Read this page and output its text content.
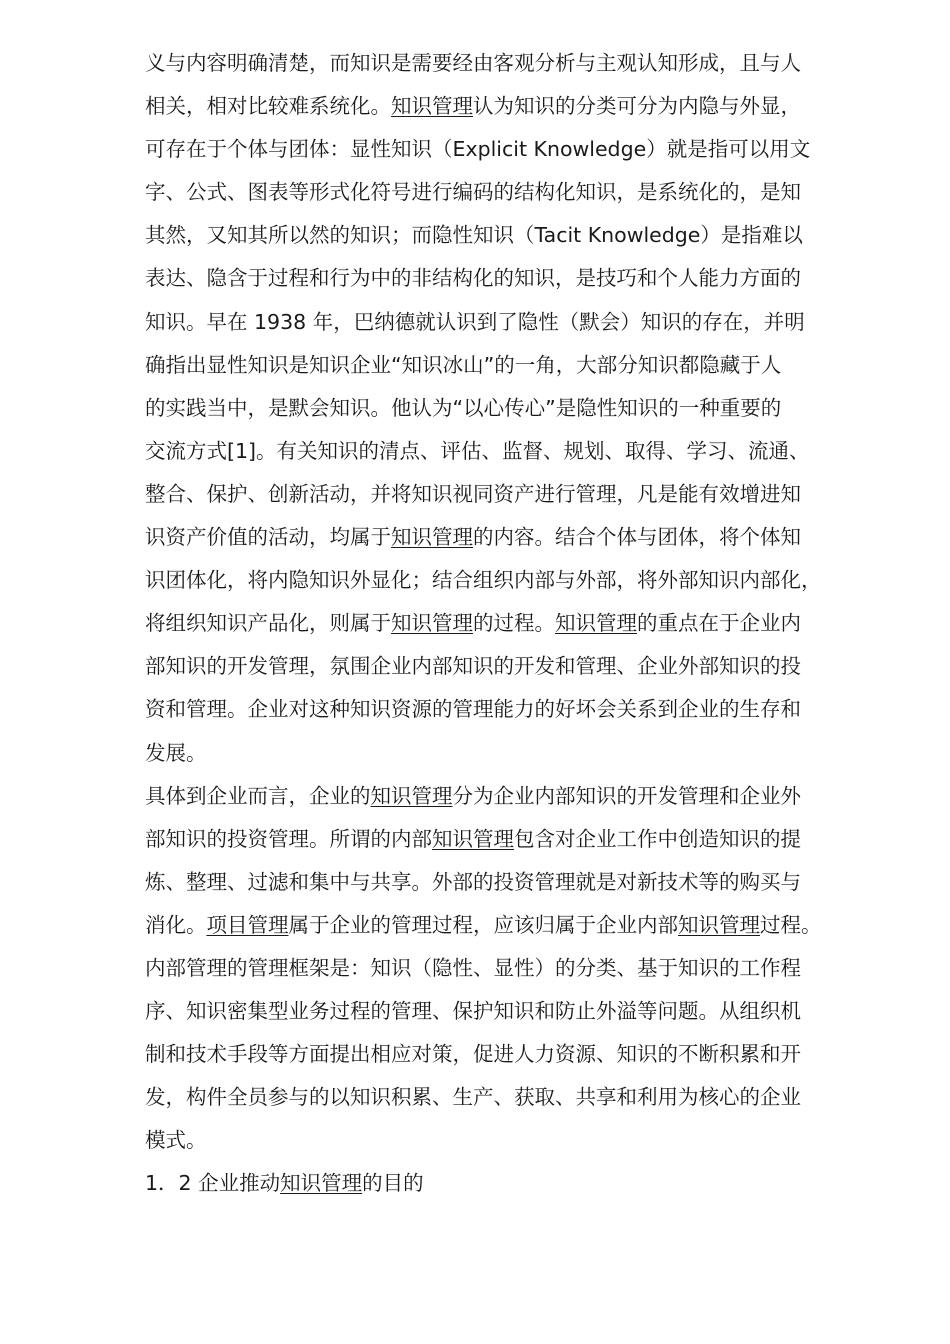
义与内容明确清楚，而知识是需要经由客观分析与主观认知形成，且与人
相关，相对比较难系统化。知识管理认为知识的分类可分为内隐与外显，
可存在于个体与团体：显性知识（Explicit Knowledge）就是指可以用文
字、公式、图表等形式化符号进行编码的结构化知识，是系统化的，是知
其然，又知其所以然的知识；而隐性知识（Tacit Knowledge）是指难以
表达、隐含于过程和行为中的非结构化的知识，是技巧和个人能力方面的
知识。早在 1938 年，巴纳德就认识到了隐性（默会）知识的存在，并明
确指出显性知识是知识企业“知识冰山”的一角，大部分知识都隐藏于人
的实践当中，是默会知识。他认为“以心传心”是隐性知识的一种重要的
交流方式[1]。有关知识的清点、评估、监督、规划、取得、学习、流通、
整合、保护、创新活动，并将知识视同资产进行管理，凡是能有效增进知
识资产价值的活动，均属于知识管理的内容。结合个体与团体，将个体知
识团体化，将内隐知识外显化；结合组织内部与外部，将外部知识内部化，
将组织知识产品化，则属于知识管理的过程。知识管理的重点在于企业内
部知识的开发管理，氛围企业内部知识的开发和管理、企业外部知识的投
资和管理。企业对这种知识资源的管理能力的好坏会关系到企业的生存和
发展。
具体到企业而言，企业的知识管理分为企业内部知识的开发管理和企业外
部知识的投资管理。所谓的内部知识管理包含对企业工作中创造知识的提
炼、整理、过滤和集中与共享。外部的投资管理就是对新技术等的购买与
消化。项目管理属于企业的管理过程，应该归属于企业内部知识管理过程。
内部管理的管理框架是：知识（隐性、显性）的分类、基于知识的工作程
序、知识密集型业务过程的管理、保护知识和防止外溢等问题。从组织机
制和技术手段等方面提出相应对策，促进人力资源、知识的不断积累和开
发，构件全员参与的以知识积累、生产、获取、共享和利用为核心的企业
模式。
1．2 企业推动知识管理的目的
